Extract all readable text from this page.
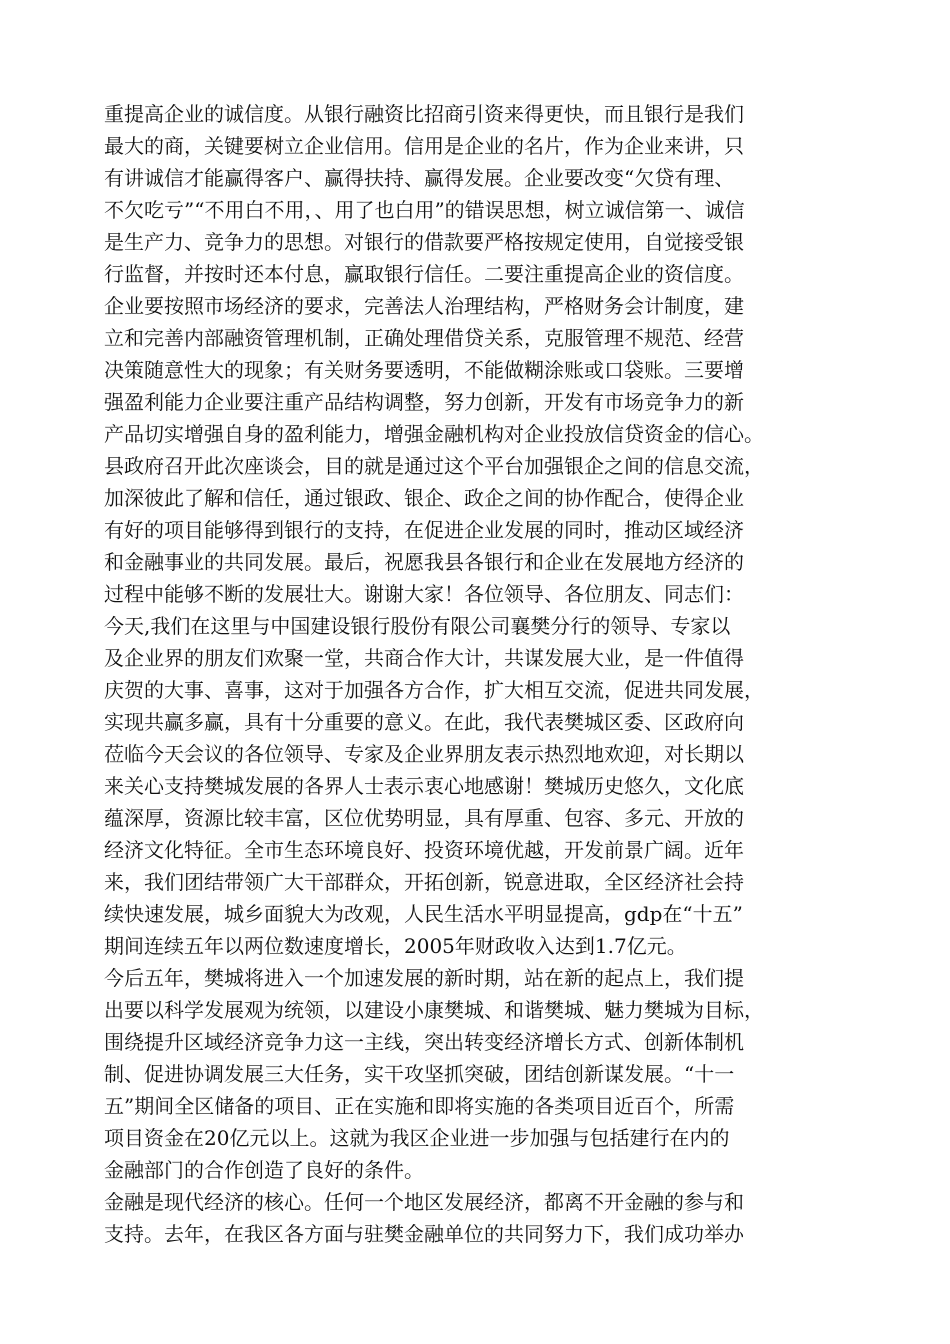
重提高企业的诚信度。从银行融资比招商引资来得更快，而且银行是我们
最大的商，关键要树立企业信用。信用是企业的名片，作为企业来讲，只
有讲诚信才能赢得客户、赢得扶持、赢得发展。企业要改变“欠贷有理、
不欠吃亏”“不用白不用，、用了也白用”的错误思想，树立诚信第一、诚信
是生产力、竞争力的思想。对银行的借款要严格按规定使用，自觉接受银
行监督，并按时还本付息，赢取银行信任。二要注重提高企业的资信度。
企业要按照市场经济的要求，完善法人治理结构，严格财务会计制度，建
立和完善内部融资管理机制，正确处理借贷关系，克服管理不规范、经营
决策随意性大的现象；有关财务要透明，不能做糊涂账或口袋账。三要增
强盈利能力企业要注重产品结构调整，努力创新，开发有市场竞争力的新
产品切实增强自身的盈利能力，增强金融机构对企业投放信贷资金的信心。
县政府召开此次座谈会，目的就是通过这个平台加强银企之间的信息交流，
加深彼此了解和信任，通过银政、银企、政企之间的协作配合，使得企业
有好的项目能够得到银行的支持，在促进企业发展的同时，推动区域经济
和金融事业的共同发展。最后，祝愿我县各银行和企业在发展地方经济的
过程中能够不断的发展壮大。谢谢大家！各位领导、各位朋友、同志们：
今天,我们在这里与中国建设银行股份有限公司襄樊分行的领导、专家以
及企业界的朋友们欢聚一堂，共商合作大计，共谋发展大业，是一件值得
庆贺的大事、喜事，这对于加强各方合作，扩大相互交流，促进共同发展，
实现共赢多赢，具有十分重要的意义。在此，我代表樊城区委、区政府向
莅临今天会议的各位领导、专家及企业界朋友表示热烈地欢迎，对长期以
来关心支持樊城发展的各界人士表示衷心地感谢！樊城历史悠久，文化底
蕴深厚，资源比较丰富，区位优势明显，具有厚重、包容、多元、开放的
经济文化特征。全市生态环境良好、投资环境优越，开发前景广阔。近年
来，我们团结带领广大干部群众，开拓创新，锐意进取，全区经济社会持
续快速发展，城乡面貌大为改观，人民生活水平明显提高，gdp在“十五”
期间连续五年以两位数速度增长，2005年财政收入达到1.7亿元。
今后五年，樊城将进入一个加速发展的新时期，站在新的起点上，我们提
出要以科学发展观为统领，以建设小康樊城、和谐樊城、魅力樊城为目标，
围绕提升区域经济竞争力这一主线，突出转变经济增长方式、创新体制机
制、促进协调发展三大任务，实干攻坚抓突破，团结创新谋发展。“十一
五”期间全区储备的项目、正在实施和即将实施的各类项目近百个，所需
项目资金在20亿元以上。这就为我区企业进一步加强与包括建行在内的
金融部门的合作创造了良好的条件。
金融是现代经济的核心。任何一个地区发展经济，都离不开金融的参与和
支持。去年，在我区各方面与驻樊金融单位的共同努力下，我们成功举办
